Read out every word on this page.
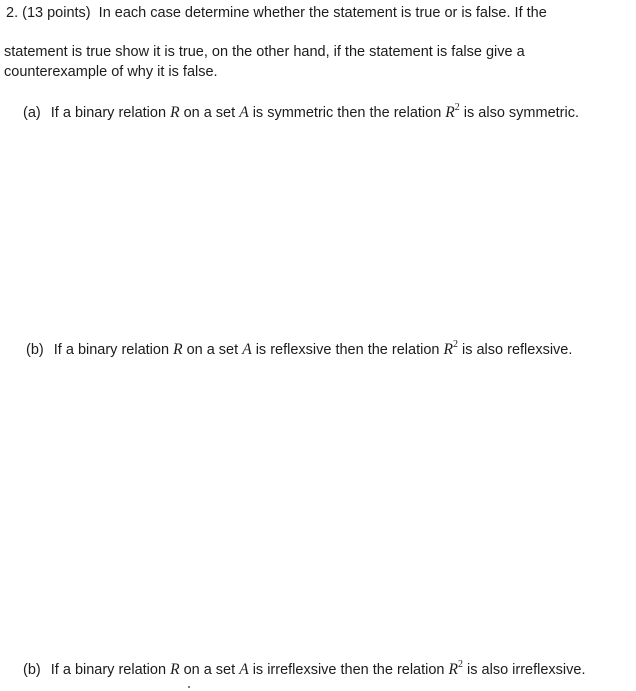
2. (13 points) In each case determine whether the statement is true or is false. If the
statement is true show it is true, on the other hand, if the statement is false give a
counterexample of why it is false.
(a) If a binary relation R on a set A is symmetric then the relation $R^2$ is also symmetric.
(b) If a binary relation R on a set A is reflexsive then the relation $R^2$ is also reflexsive.
(b) If a binary relation R on a set A is irreflexsive then the relation $R^2$ is also irreflexsive.
